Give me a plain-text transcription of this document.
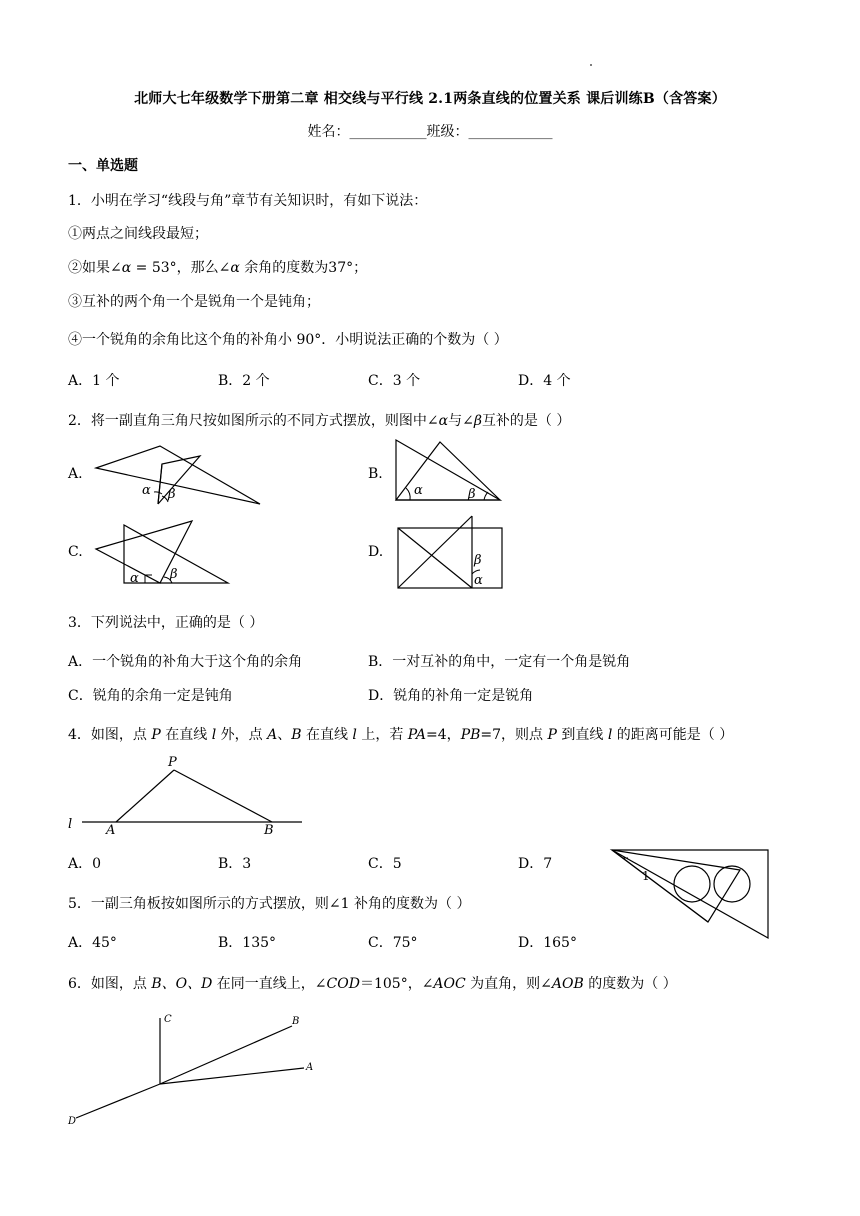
北师大七年级数学下册第二章 相交线与平行线 2.1两条直线的位置关系 课后训练B（含答案）
姓名：___________班级：____________
一、单选题
1．小明在学习“线段与角”章节有关知识时，有如下说法：
①两点之间线段最短；
②如果∠α = 53°，那么∠α 余角的度数为37°；
③互补的两个角一个是锐角一个是钝角；
④一个锐角的余角比这个角的补角小 90°．小明说法正确的个数为（ ）
A．1 个	B．2 个	C．3 个	D．4 个
2．将一副直角三角尺按如图所示的不同方式摆放，则图中∠α与∠β互补的是（ ）
A.
α β
B.
α	β
C.
α β
D.
β
α
3．下列说法中，正确的是（ ）
A．一个锐角的补角大于这个角的余角	B．一对互补的角中，一定有一个角是锐角
C．锐角的余角一定是钝角	D．锐角的补角一定是锐角
4．如图，点 P 在直线 l 外，点 A、B 在直线 l 上，若 PA=4，PB=7，则点 P 到直线 l 的距离可能是（ ）
P
l	A	B
A．0	B．3	C．5	D．7
1
5．一副三角板按如图所示的方式摆放，则∠1 补角的度数为（ ）
A．45°	B．135°	C．75°	D．165°
6．如图，点 B、O、D 在同一直线上，∠COD＝105°，∠AOC 为直角，则∠AOB 的度数为（ ）
C	B
A
D
